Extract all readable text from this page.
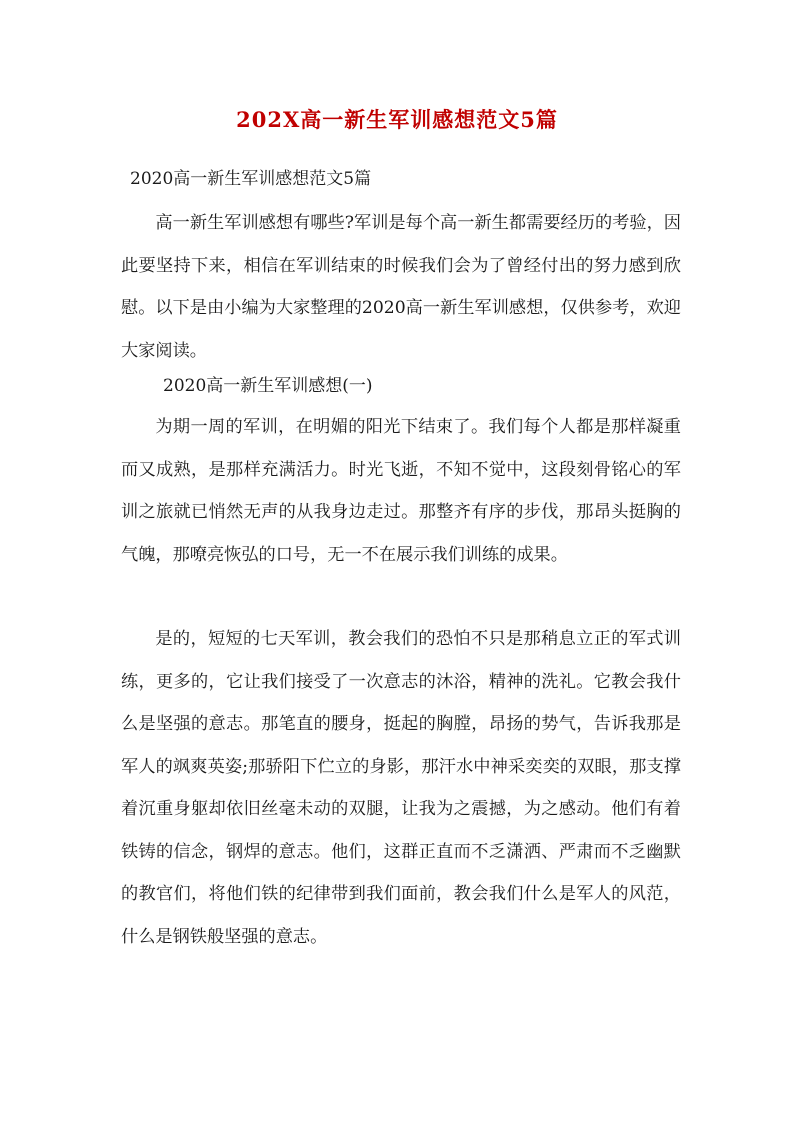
202X高一新生军训感想范文5篇
2020高一新生军训感想范文5篇
高一新生军训感想有哪些?军训是每个高一新生都需要经历的考验，因此要坚持下来，相信在军训结束的时候我们会为了曾经付出的努力感到欣慰。以下是由小编为大家整理的2020高一新生军训感想，仅供参考，欢迎大家阅读。
2020高一新生军训感想(一)
为期一周的军训，在明媚的阳光下结束了。我们每个人都是那样凝重而又成熟，是那样充满活力。时光飞逝，不知不觉中，这段刻骨铭心的军训之旅就已悄然无声的从我身边走过。那整齐有序的步伐，那昂头挺胸的气魄，那嘹亮恢弘的口号，无一不在展示我们训练的成果。
是的，短短的七天军训，教会我们的恐怕不只是那稍息立正的军式训练，更多的，它让我们接受了一次意志的沐浴，精神的洗礼。它教会我什么是坚强的意志。那笔直的腰身，挺起的胸膛，昂扬的势气，告诉我那是军人的飒爽英姿;那骄阳下伫立的身影，那汗水中神采奕奕的双眼，那支撑着沉重身躯却依旧丝毫未动的双腿，让我为之震撼，为之感动。他们有着铁铸的信念，钢焊的意志。他们，这群正直而不乏潇洒、严肃而不乏幽默的教官们，将他们铁的纪律带到我们面前，教会我们什么是军人的风范，什么是钢铁般坚强的意志。
